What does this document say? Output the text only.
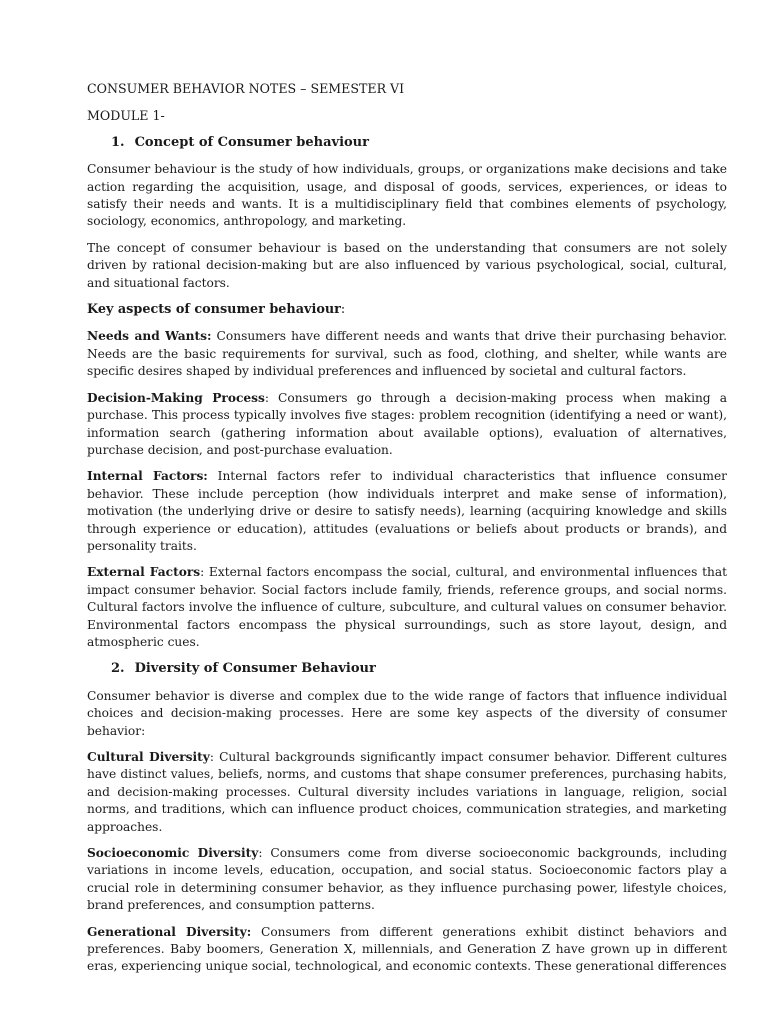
CONSUMER BEHAVIOR NOTES – SEMESTER VI
MODULE 1-
1. Concept of Consumer behaviour

Consumer behaviour is the study of how individuals, groups, or organizations make decisions and take action regarding the acquisition, usage, and disposal of goods, services, experiences, or ideas to satisfy their needs and wants. It is a multidisciplinary field that combines elements of psychology, sociology, economics, anthropology, and marketing.

The concept of consumer behaviour is based on the understanding that consumers are not solely driven by rational decision-making but are also influenced by various psychological, social, cultural, and situational factors.

Key aspects of consumer behaviour:

Needs and Wants: Consumers have different needs and wants that drive their purchasing behavior. Needs are the basic requirements for survival, such as food, clothing, and shelter, while wants are specific desires shaped by individual preferences and influenced by societal and cultural factors.

Decision-Making Process: Consumers go through a decision-making process when making a purchase. This process typically involves five stages: problem recognition (identifying a need or want), information search (gathering information about available options), evaluation of alternatives, purchase decision, and post-purchase evaluation.

Internal Factors: Internal factors refer to individual characteristics that influence consumer behavior. These include perception (how individuals interpret and make sense of information), motivation (the underlying drive or desire to satisfy needs), learning (acquiring knowledge and skills through experience or education), attitudes (evaluations or beliefs about products or brands), and personality traits.

External Factors: External factors encompass the social, cultural, and environmental influences that impact consumer behavior. Social factors include family, friends, reference groups, and social norms. Cultural factors involve the influence of culture, subculture, and cultural values on consumer behavior. Environmental factors encompass the physical surroundings, such as store layout, design, and atmospheric cues.

2. Diversity of Consumer Behaviour

Consumer behavior is diverse and complex due to the wide range of factors that influence individual choices and decision-making processes. Here are some key aspects of the diversity of consumer behavior:

Cultural Diversity: Cultural backgrounds significantly impact consumer behavior. Different cultures have distinct values, beliefs, norms, and customs that shape consumer preferences, purchasing habits, and decision-making processes. Cultural diversity includes variations in language, religion, social norms, and traditions, which can influence product choices, communication strategies, and marketing approaches.

Socioeconomic Diversity: Consumers come from diverse socioeconomic backgrounds, including variations in income levels, education, occupation, and social status. Socioeconomic factors play a crucial role in determining consumer behavior, as they influence purchasing power, lifestyle choices, brand preferences, and consumption patterns.

Generational Diversity: Consumers from different generations exhibit distinct behaviors and preferences. Baby boomers, Generation X, millennials, and Generation Z have grown up in different eras, experiencing unique social, technological, and economic contexts. These generational differences
